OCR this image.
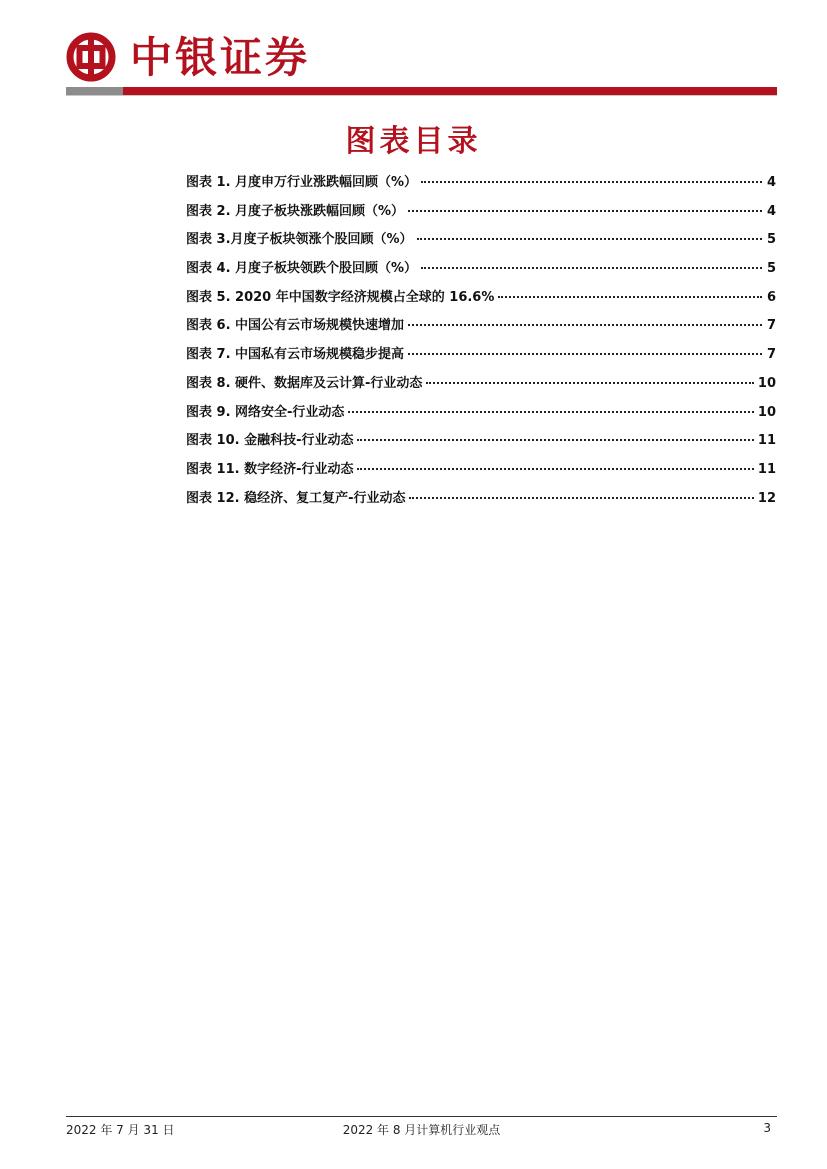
中银证券
图表目录
图表 1. 月度申万行业涨跌幅回顾（%）	4
图表 2. 月度子板块涨跌幅回顾（%）	4
图表 3.月度子板块领涨个股回顾（%）	5
图表 4. 月度子板块领跌个股回顾（%）	5
图表 5. 2020 年中国数字经济规模占全球的 16.6%	6
图表 6. 中国公有云市场规模快速增加	7
图表 7. 中国私有云市场规模稳步提高	7
图表 8. 硬件、数据库及云计算-行业动态	10
图表 9. 网络安全-行业动态	10
图表 10. 金融科技-行业动态	11
图表 11. 数字经济-行业动态	11
图表 12. 稳经济、复工复产-行业动态	12
2022 年 7 月 31 日	2022 年 8 月计算机行业观点	3
